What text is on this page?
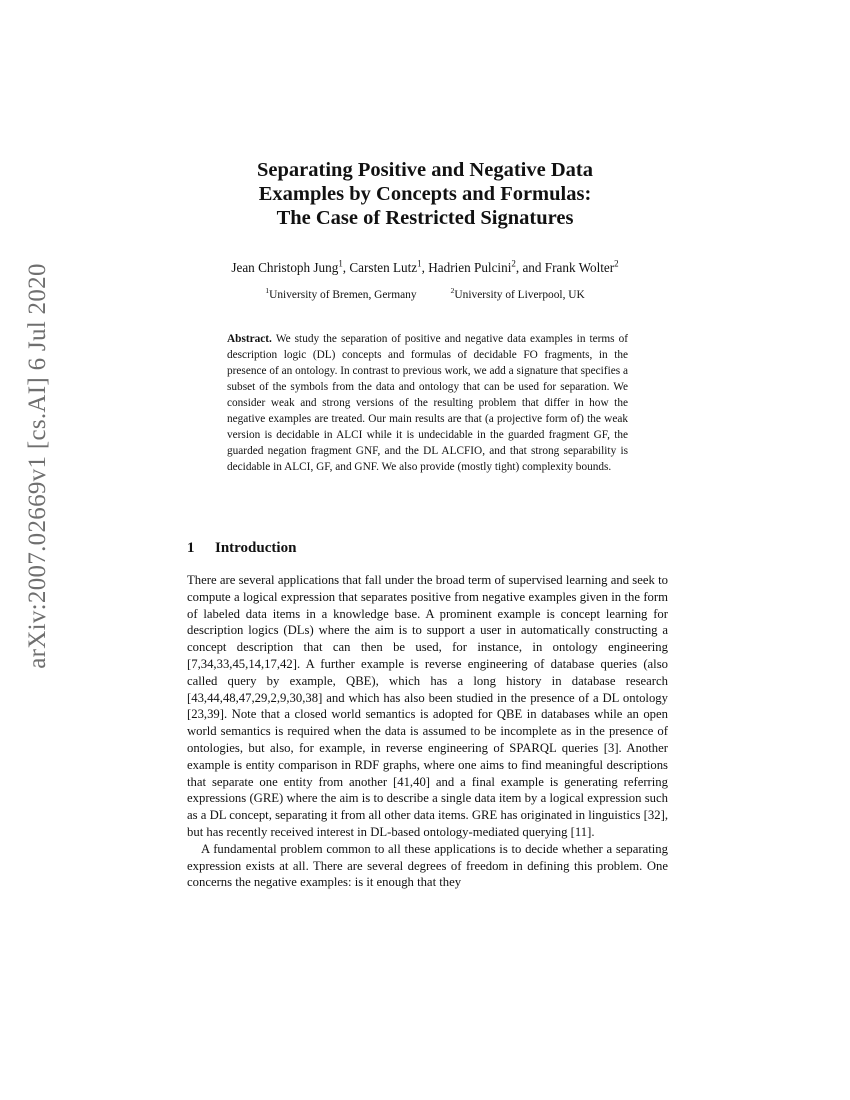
arXiv:2007.02669v1 [cs.AI] 6 Jul 2020
Separating Positive and Negative Data
Examples by Concepts and Formulas:
The Case of Restricted Signatures
Jean Christoph Jung$^1$, Carsten Lutz$^1$, Hadrien Pulcini$^2$, and Frank Wolter$^2$
$^1$University of Bremen, Germany	$^2$University of Liverpool, UK
Abstract. We study the separation of positive and negative data examples in terms of description logic (DL) concepts and formulas of decidable FO fragments, in the presence of an ontology. In contrast to previous work, we add a signature that specifies a subset of the symbols from the data and ontology that can be used for separation. We consider weak and strong versions of the resulting problem that differ in how the negative examples are treated. Our main results are that (a projective form of) the weak version is decidable in ALCI while it is undecidable in the guarded fragment GF, the guarded negation fragment GNF, and the DL ALCFIO, and that strong separability is decidable in ALCI, GF, and GNF. We also provide (mostly tight) complexity bounds.
1 Introduction

There are several applications that fall under the broad term of supervised learning and seek to compute a logical expression that separates positive from negative examples given in the form of labeled data items in a knowledge base. A prominent example is concept learning for description logics (DLs) where the aim is to support a user in automatically constructing a concept description that can then be used, for instance, in ontology engineering [7,34,33,45,14,17,42]. A further example is reverse engineering of database queries (also called query by example, QBE), which has a long history in database research [43,44,48,47,29,2,9,30,38] and which has also been studied in the presence of a DL ontology [23,39]. Note that a closed world semantics is adopted for QBE in databases while an open world semantics is required when the data is assumed to be incomplete as in the presence of ontologies, but also, for example, in reverse engineering of SPARQL queries [3]. Another example is entity comparison in RDF graphs, where one aims to find meaningful descriptions that separate one entity from another [41,40] and a final example is generating referring expressions (GRE) where the aim is to describe a single data item by a logical expression such as a DL concept, separating it from all other data items. GRE has originated in linguistics [32], but has recently received interest in DL-based ontology-mediated querying [11].

A fundamental problem common to all these applications is to decide whether a separating expression exists at all. There are several degrees of freedom in defining this problem. One concerns the negative examples: is it enough that they
